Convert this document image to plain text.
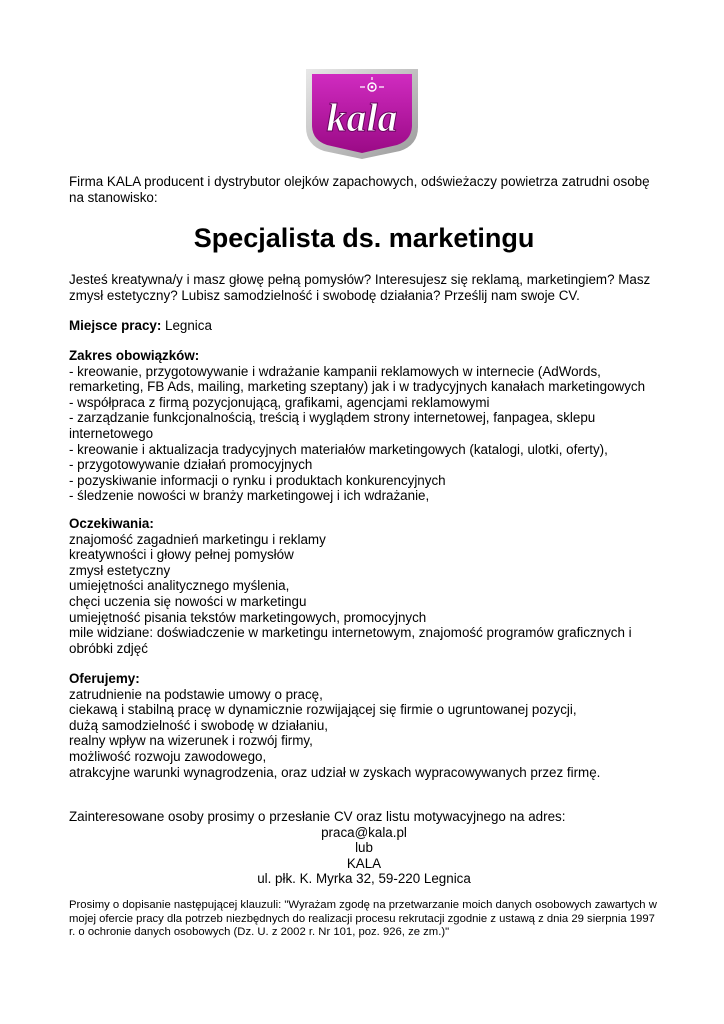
kala
Firma KALA producent i dystrybutor olejków zapachowych, odświeżaczy powietrza zatrudni osobę na stanowisko:
Specjalista ds. marketingu
Jesteś kreatywna/y i masz głowę pełną pomysłów? Interesujesz się reklamą, marketingiem? Masz zmysł estetyczny? Lubisz samodzielność i swobodę działania? Prześlij nam swoje CV.
Miejsce pracy: Legnica
Zakres obowiązków:
- kreowanie, przygotowywanie i wdrażanie kampanii reklamowych w internecie (AdWords, remarketing, FB Ads, mailing, marketing szeptany) jak i w tradycyjnych kanałach marketingowych
- współpraca z firmą pozycjonującą, grafikami, agencjami reklamowymi
- zarządzanie funkcjonalnością, treścią i wyglądem strony internetowej, fanpagea, sklepu internetowego
- kreowanie i aktualizacja tradycyjnych materiałów marketingowych (katalogi, ulotki, oferty),
- przygotowywanie działań promocyjnych
- pozyskiwanie informacji o rynku i produktach konkurencyjnych
- śledzenie nowości w branży marketingowej i ich wdrażanie,
Oczekiwania:
znajomość zagadnień marketingu i reklamy
kreatywności i głowy pełnej pomysłów
zmysł estetyczny
umiejętności analitycznego myślenia,
chęci uczenia się nowości w marketingu
umiejętność pisania tekstów marketingowych, promocyjnych
mile widziane: doświadczenie w marketingu internetowym, znajomość programów graficznych i obróbki zdjęć
Oferujemy:
zatrudnienie na podstawie umowy o pracę,
ciekawą i stabilną pracę w dynamicznie rozwijającej się firmie o ugruntowanej pozycji,
dużą samodzielność i swobodę w działaniu,
realny wpływ na wizerunek i rozwój firmy,
możliwość rozwoju zawodowego,
atrakcyjne warunki wynagrodzenia, oraz udział w zyskach wypracowywanych przez firmę.
Zainteresowane osoby prosimy o przesłanie CV oraz listu motywacyjnego na adres:
praca@kala.pl
lub
KALA
ul. płk. K. Myrka 32, 59-220 Legnica
Prosimy o dopisanie następującej klauzuli: "Wyrażam zgodę na przetwarzanie moich danych osobowych zawartych w mojej ofercie pracy dla potrzeb niezbędnych do realizacji procesu rekrutacji zgodnie z ustawą z dnia 29 sierpnia 1997 r. o ochronie danych osobowych (Dz. U. z 2002 r. Nr 101, poz. 926, ze zm.)"
